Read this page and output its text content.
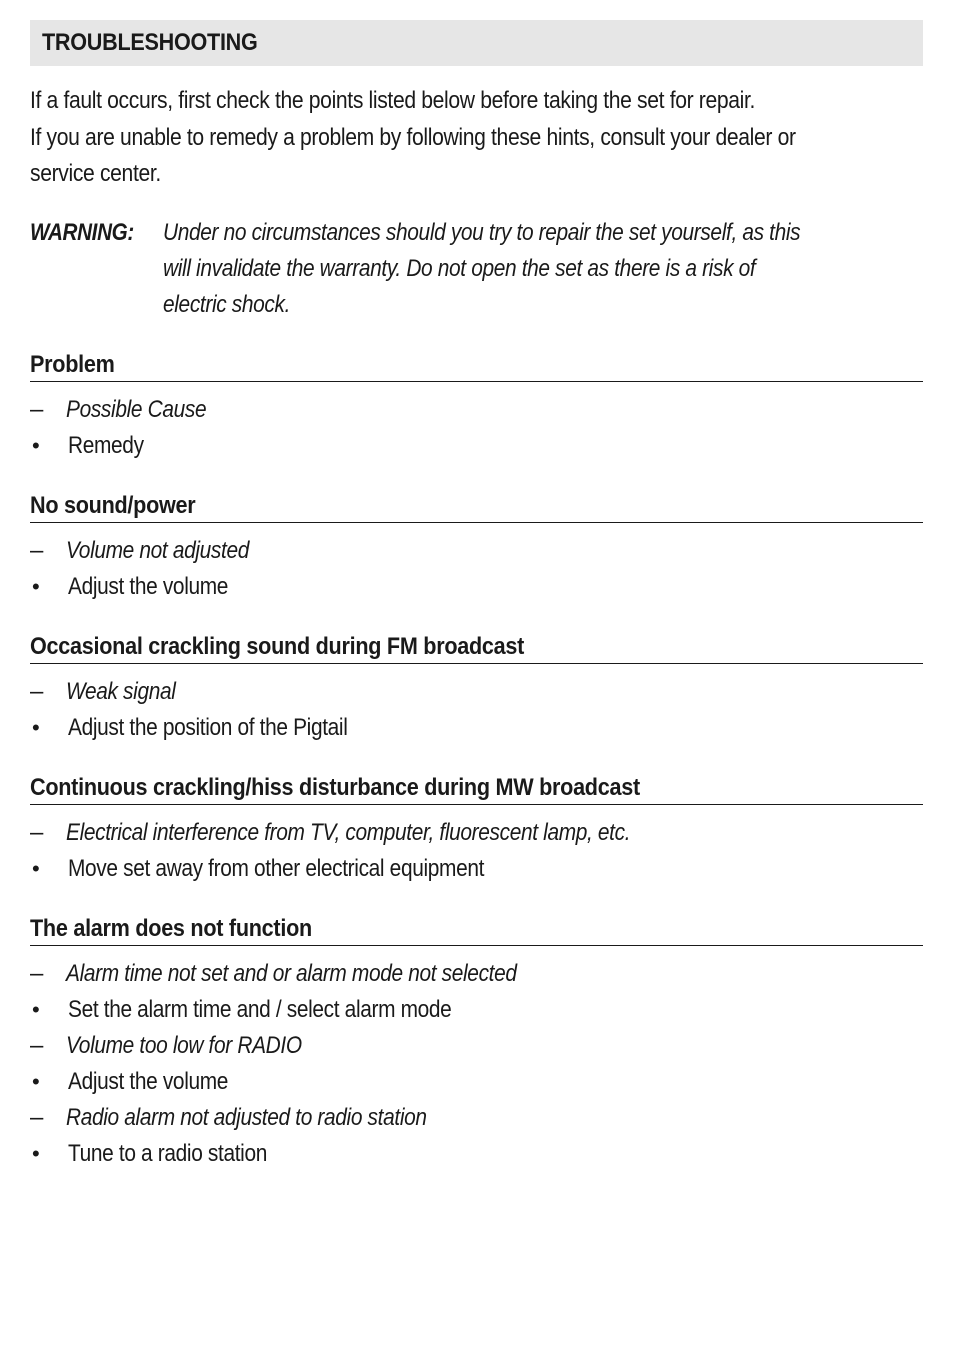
TROUBLESHOOTING

If a fault occurs, first check the points listed below before taking the set for repair.
If you are unable to remedy a problem by following these hints, consult your dealer or
service center.

WARNING:	Under no circumstances should you try to repair the set yourself, as this
will invalidate the warranty. Do not open the set as there is a risk of
electric shock.
Problem
– Possible Cause
•	Remedy
No sound/power
– Volume not adjusted
•	Adjust the volume
Occasional crackling sound during FM broadcast
– Weak signal
•	Adjust the position of the Pigtail
Continuous crackling/hiss disturbance during MW broadcast
– Electrical interference from TV, computer, fluorescent lamp, etc.
•	Move set away from other electrical equipment
The alarm does not function
– Alarm time not set and or alarm mode not selected
•	Set the alarm time and / select alarm mode
– Volume too low for RADIO
•	Adjust the volume
– Radio alarm not adjusted to radio station
•	Tune to a radio station
